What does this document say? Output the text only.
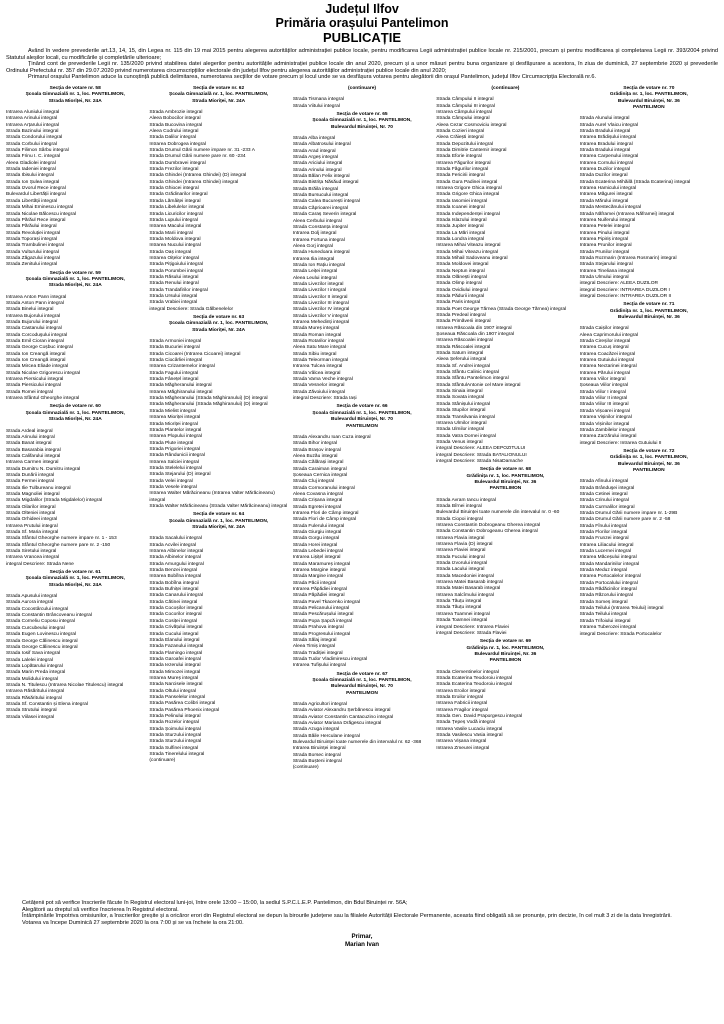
Județul Ilfov
Primăria orașului Pantelimon
PUBLICAȚIE

Având în vedere prevederile art.13, 14, 15, din Legea nr. 115 din 19 mai 2015 pentru alegerea autorităților administrației publice locale, pentru modificarea Legii administrației publice locale nr. 215/2001, precum și pentru modificarea și completarea Legii nr. 393/2004 privind Statutul aleșilor locali, cu modificările și completările ulterioare;

Ținând cont de prevederile Legii nr. 135/2020 privind stabilirea datei alegerilor pentru autoritățile administrației publice locale din anul 2020, precum și a unor măsuri pentru buna organizare și desfășurare a acestora, în ziua de duminică, 27 septembrie 2020 și prevederile Ordinului Prefectului nr. 357 din 29.07.2020 privind numerotarea circumscripțiilor electorale din județul Ilfov pentru alegerea autorităților administrației publice locale din anul 2020;

Primarul orașului Pantelimon aduce la cunoștință publică delimitarea, numerotarea secțiilor de votare precum și locul unde se va desfășura votarea pentru alegătorii din orașul Pantelimon, județul Ilfov Circumscripția Electorală nr.6.

Secția de votare nr. 58
Școala Gimnazială nr. 1, loc. PANTELIMON,
Strada Mioriței, Nr. 24A
Intrarea Aluniului integral
Intrarea Arinului integral
Intrarea Arțarului integral
Strada Bazinului integral
Strada Condorului integral
Strada Corbului integral
Strada Filimon Sârbu integral
Strada Frinu I. C. integral
Aleea Gladiolei integral
Strada Iadeniei integral
Strada Ibisului integral
Strada Ion Șulea integral
Strada Izvorul Rece integral
Bulevardul Libertății integral
Strada Libertății integral
Strada Mihai Eminescu integral
Strada Nicolae Bălcescu integral
Strada Părăul Rece integral
Strada Părăului integral
Strada Revoluției integral
Strada Toporași integral
Strada Trambulinei integral
Strada Vulturului integral
Strada Zăgazului integral
Strada Zenitului integral
Secția de votare nr. 59
Școala Gimnazială nr. 1, loc. PANTELIMON,
Strada Mioriței, Nr. 24A
Intrarea Anton Pann integral
Strada Anton Pann integral
Strada Binelui integral
Intrarea Bujorului integral
Strada Bujorului integral
Strada Castanului integral
Strada Corcoduşului integral
Strada Emil Cioran integral
Strada George Coșbuc integral
Strada Ion Creangă integral
Strada Ion Creangă integral
Strada Mircea Eliade integral
Strada Nicolae Grigorescu integral
Intrarea Piersicului integral
Strada Piersicului integral
Strada Romei integral
Intrarea Sfântul Gheorghe integral
Secția de votare nr. 60
Școala Gimnazială nr. 1, loc. PANTELIMON,
Strada Mioriței, Nr. 24A
Strada Ardeal integral
Strada Arinului integral
Strada Banat integral
Strada Basarabia integral
Strada Califarului integral
Intrarea Carmen integral
Strada Dumitru N. Dumitru integral
Strada Dunării integral
Strada Fermei integral
Strada Ilie Tulbureanu integral
Strada Magnoliei integral
Strada Migdalilor (Strada Migdalelor) integral
Strada Oilarilor integral
Strada Olteniei integral
Strada Orhideei integral
Intrarea Prutului integral
Strada Sf. Maria integral
Strada Sfântul Gheorghe numere impare nr. 1 - 153
Strada Sfântul Gheorghe numere pare nr. 2 -150
Strada Siretului integral
Intrarea Vrancea integral
integral Descriere: Strada Nene
Secția de votare nr. 61
Școala Gimnazială nr. 1, loc. PANTELIMON,
Strada Mioriței, Nr. 24A
Strada Apusului integral
Strada Aurora integral
Strada Cocostârcului integral
Strada Constantin Brâncoveanu integral
Strada Corneliu Coposu integral
Strada Curcubeului integral
Strada Eugen Lovinescu integral
Strada George Călinescu integral
Strada George Călinescu integral
Strada Iosif Sava integral
Strada Lalelei integral
Strada Lopătarului integral
Strada Marin Preda integral
Strada Molidului integral
Strada N. Titulescu (Intrarea Nicolae Titulescu) integral
Intrarea Răsăritului integral
Strada Răsăritului integral
Strada Sf. Constantin și Elena integral
Strada Strutului integral
Strada Viilasei integral
Secția de votare nr. 62
Școala Gimnazială nr. 1, loc. PANTELIMON,
Strada Mioriței, Nr. 24A
Strada Ambrozie integral
Aleea Bobocilor integral
Strada Bucovina integral
Aleea Codrului integral
Strada Dalilor integral
Intrarea Dobrogea integral
Strada Drumul Gării numere impare nr. 31 -233 A
Strada Drumul Gării numere pare nr. 60 -234
Strada Dumbravei integral
Strada Frezilor integral
Strada Ghindei (Intrarea Ghindei) (D) integral
Strada Ghindei (Intrarea Ghindei) integral
Strada Ghiocei integral
Strada Grădinarilor integral
Strada Lămâiței integral
Strada Libelulelor integral
Strada Licuricilor integral
Strada Lupului integral
Intrarea Macului integral
Strada Marii integral
Strada Moldova integral
Intrarea Nucului integral
Strada Oaș integral
Intrarea Oițelor integral
Strada Pițigoiului integral
Strada Porumbei integral
Strada Răsului integral
Strada Renului integral
Strada Trandafirilor integral
Strada Ursului integral
Strada Vrabiei integral
integral Descriere: Strada Gălbenelelor
Secția de votare nr. 63
Școala Gimnazială nr. 1, loc. PANTELIMON,
Strada Mioriței, Nr. 24A
Strada Armoniei integral
Strada Bucuriei integral
Strada Cicoarei (Intrarea Cicoarei) integral
Strada Ciocârliei integral
Intrarea Crizantemelor integral
Strada Fagului integral
Strada Fânețel integral
Strada Măgheranului integral
Intrarea Măghiranului integral
Strada Măgheranului (Strada Măghiranului) (D) integral
Strada Măgheranului (Strada Măghiranului) (D) integral
Strada Mielist integral
Intrarea Mioriței integral
Strada Mioriței integral
Strada Plantelor integral
Intrarea Plopului integral
Strada Plute integral
Strada Prigoriei integral
Strada Rândunicii integral
Intrarea Salciei integral
Strada Stelelelui integral
Strada Stejarului (D) integral
Strada Velei integral
Strada Vesele integral
Intrarea Walter Mărăcineanu (Intrarea Valter Mărăcineanu) integral
Strada Walter Mărăcineanu (Strada Valter Mărăcineanu) integral
Secția de votare nr. 64
Școala Gimnazială nr. 1, loc. PANTELIMON,
Strada Mioriței, Nr. 24A
Strada Sacalului integral
Strada Acvilei integral
Intrarea Albinelor integral
Strada Albinelor integral
Strada Amurgului integral
Strada Benzei integral
Intrarea Bobîlna integral
Strada Bobîlna integral
Strada Bufniței integral
Strada Canarului integral
Strada Cătinei integral
Strada Cocoșilor integral
Strada Cocorilor integral
Strada Cosiței integral
Strada Crivățului integral
Strada Cucului integral
Strada Elanului integral
Strada Fazanului integral
Strada Flamingo integral
Strada Garoafei integral
Strada Iezerului integral
Strada Mimozei integral
Intrarea Mureș integral
Strada Narcisele integral
Strada Oltului integral
Strada Panselelor integral
Strada Pasărea Colibri integral
Strada Pasărea Phoenix integral
Strada Pelinului integral
Strada Rozelor integral
Strada Șoimului integral
Strada Sturzului integral
Strada Sturzului integral
Strada Sulfinei integral
Strada Tinerelului integral
(continuare)
(continuare)
Strada Tismana integral
Strada Viitului integral
Secția de votare nr. 65
Școala Gimnazială nr. 1, loc. PANTELIMON,
Bulevardul Biruinței, Nr. 70
Strada Alba integral
Strada Albatrosului integral
Strada Arad integral
Strada Argeș integral
Strada Ariciului integral
Strada Arinului integral
Strada Bălan Felix integral
Strada Bistrița Năsăud integral
Strada Brăila integral
Strada Bursucului integral
Strada Calea București integral
Strada Căprioarei integral
Strada Caraș Severin integral
Aleea Cerbului integral
Strada Constanța integral
Intrarea Dolj integral
Intrarea Fortuna integral
Aleea Gorj integral
Strada Hunedoara integral
Intrarea Ilia integral
Strada Ion Rațiu integral
Strada Leiței integral
Aleea Leului integral
Strada Livezilor integral
Strada Livezilor I integral
Strada Livezilor II integral
Strada Livezilor III integral
Strada Livezilor IV integral
Strada Livezilor V integral
Intrarea Mehedinți integral
Strada Mureș integral
Strada Roman integral
Strada Rotarilor integral
Aleea Satu Mare integral
Strada Sibiu integral
Strada Teleorman integral
Intrarea Tulcea integral
Strada Vâlcea integral
Strada Vama Veche integral
Strada Vesnelor integral
Strada Zăvoiului integral
integral Descriere: Strada Iași
Secția de votare nr. 66
Școala Gimnazială nr. 1, loc. PANTELIMON,
Bulevardul Biruinței, Nr. 70
PANTELIMON
Strada Alexandru Ioan Cuza integral
Strada Bihor integral
Strada Brașov integral
Aleea Buzău integral
Strada Călărași integral
Strada Caraiman integral
Șoseaua Cernica integral
Strada Cluj integral
Strada Cormoranului integral
Aleea Covasna integral
Strada Crișana integral
Strada Egretei integral
Intrarea Flori de Câmp integral
Strada Flori de Câmp integral
Strada Fulerului integral
Strada Giurgiu integral
Strada Gorgu integral
Strada Horei integral
Strada Lebedei integral
Intrarea Lișițel integral
Strada Maramureș integral
Intrarea Margine integral
Strada Margine integral
Strada Păcii integral
Intrarea Păpădiei integral
Strada Păpădiei integral
Strada Pavel Tkacenko integral
Strada Pelicanului integral
Strada Pescărușului integral
Strada Popa Șapcă integral
Strada Prahova integral
Strada Progresului integral
Strada Sălaj integral
Aleea Timiș integral
Strada Tradiției integral
Strada Tudor Vladimirescu integral
Intrarea Tufișului integral
Secția de votare nr. 67
Școala Gimnazială nr. 1, loc. PANTELIMON,
Bulevardul Biruinței, Nr. 70
PANTELIMON
Strada Agricultori integral
Strada Aviator Alexandru Șerbănescu integral
Strada Aviator Constantin Cantacuzino integral
Strada Aviator Mariana Drăgescu integral
Strada Azuga integral
Strada Băile Herculane integral
Bulevardul Biruinței toate numerele din intervalul nr. 62 -368
Intrarea Biruinței integral
Strada Borsec integral
Strada Bușteni integral
(continuare)
(continuare)
Strada Câmpului II integral
Strada Câmpului III integral
Intrarea Câmpului integral
Strada Câmpului integral
Aleea Cezar Cosmoviciu integral
Strada Cozieri integral
Aleea Crăiești integral
Strada Depozitului integral
Strada Dimitrie Cantemir integral
Strada Eforie integral
Intrarea Făgurilor integral
Strada Făgurilor integral
Strada Fericirii integral
Strada Gura Padinei integral
Intrarea Grigore Ghica integral
Strada Grigore Ghica integral
Strada Iasomiei integral
Strada Icoanei integral
Strada Independenței integral
Strada Islazului integral
Strada Jupiter integral
Strada La Mări integral
Strada Londra integral
Intrarea Mihai Viteazu integral
Strada Mihai Viteazu integral
Strada Mihail Sadoveanu integral
Strada Moldovei integral
Strada Neptun integral
Strada Olănești integral
Strada Olimp integral
Strada Ovidiului integral
Strada Pădurii integral
Strada Paris integral
Strada Poet George Tărnea (Strada George Tărnea) integral
Strada Predeal integral
Strada Primăverii integral
Intrarea Răscoala din 1907 integral
Șoseaua Răscoala din 1907 integral
Intrarea Răscoalei integral
Strada Răscoalei integral
Strada Saturn integral
Aleea Șeferului integral
Strada Sf. Andrei integral
Strada Sfântu Calinic integral
Strada Sfântu Pantelimon integral
Strada SfântulAntonie cel Mare integral
Strada Sinaia integral
Strada Sovata integral
Strada Stânișului integral
Strada Stupilor integral
Strada Transilvania integral
Intrarea Ulmilor integral
Strada Ulmilor integral
Strada Vatra Dornei integral
Strada Venus integral
integral Descriere: ALEEA DEPOZITULUI
integral Descriere: Strada BATALIONULUI
integral Descriere: Strada NisaDamache
Secția de votare nr. 68
Grădinița nr. 1, loc. PANTELIMON,
Bulevardul Biruinței, Nr. 36
PANTELIMON
Strada Avram Iancu integral
Strada Bîrnei integral
Bulevardul Biruinței toate numerele din intervalul nr. 0 -60
Strada Ciopoi integral
Intrarea Constantin Dobrogeanu Gherea integral
Strada Constantin Dobrogeanu Gherea integral
Intrarea Flavia integral
Intrarea Flavia (D) integral
Intrarea Flaviei integral
Strada Fucului integral
Strada Izvorului integral
Strada Lacului integral
Strada Macedoniei integral
Intrarea Matei Basarab integral
Strada Matei Basarab integral
Intrarea Salcîmului integral
Strada Tăuțu integral
Strada Tăuțu integral
Intrarea Toamnei integral
Strada Toamnei integral
integral Descriere: Intrarea Flaviei
integral Descriere: Strada Flaviei
Secția de votare nr. 69
Grădinița nr. 1, loc. PANTELIMON,
Bulevardul Biruinței, Nr. 36
PANTELIMON
Strada Clementinelor integral
Strada Ecaterina Teodoroiu integral
Strada Ecaterina Teodoroiu integral
Intrarea Eroilor integral
Strada Eroilor integral
Intrarea Fabricii integral
Intrarea Fragilor integral
Strada Gen. David Praporgescu integral
Strada Țepeș Vodă integral
Intrarea Vasile Lucaciu integral
Strada Vasilescu Vasia integral
Intrarea Vișana integral
Intrarea Zmeurei integral
Secția de votare nr. 70
Grădinița nr. 1, loc. PANTELIMON,
Bulevardul Biruinței, Nr. 36
PANTELIMON
Strada Alunului integral
Strada Aurel Vlaicu integral
Strada Bradului integral
Intrarea Brădișului integral
Intrarea Bradului integral
Strada Bradului integral
Intrarea Carpenului integral
Intrarea Cornului integral
Intrarea Duzilor integral
Strada Duzilor integral
Strada Ecaterina Mihăilă (Strada Ecaterina) integral
Intrarea Hamicului integral
Intrarea Măgurei integral
Strada Mărului integral
Strada Mestecănului integral
Strada Năframei (Intrarea Năframei) integral
Intrarea Nuiferului integral
Intrarea Petelei integral
Intrarea Pinului integral
Intrarea Pipiriș integral
Intrarea Prunilor integral
Strada Prunilor integral
Strada Rozmarin (Intrarea Rosmarin) integral
Strada Stejarului integral
Intrarea Tineliana integral
Strada Ulmului integral
integral Descriere: ALEEA DUZILOR
integral Descriere: INTRAREA DUZILOR I
integral Descriere: INTRAREA DUZILOR II
Secția de votare nr. 71
Grădinița nr. 1, loc. PANTELIMON,
Bulevardul Biruinței, Nr. 36
Strada Caișilor integral
Aleea Caprimorului integral
Strada Cireșilor integral
Intrarea Cucuș integral
Intrarea Coacăzei integral
Intrarea Gutuiului integral
Intrarea Nectarinei integral
Intrarea Părului integral
Intrarea Viilor integral
Șoseaua Viilor integral
Strada Viilor I integral
Strada Viilor II integral
Strada Viilor III integral
Strada Vișoarei integral
Intrarea Vișinilor integral
Strada Vișinilor integral
Strada Zambilelor integral
Intrarea Zarzărului integral
integral Descriere: Intrarea Gutuiului II
Secția de votare nr. 72
Grădinița nr. 1, loc. PANTELIMON,
Bulevardul Biruinței, Nr. 36
PANTELIMON
Strada Afinului integral
Strada Brânduşei integral
Strada Cetinei integral
Strada Crinului integral
Strada Curmalilor integral
Strada Drumul Gării numere impare nr. 1-29B
Strada Drumul Gării numere pare nr. 2 -58
Strada Fînului integral
Strada Florilor integral
Strada Frunzei integral
Intrarea Liliacului integral
Strada Lucernei integral
Intrarea Măceșului integral
Strada Mandarinilor integral
Strada Meduz integral
Intrarea Portocalelor integral
Strada Portocalului integral
Strada Rădăcinilor integral
Strada Răzorului integral
Strada Someș integral
Strada Teilului (Intrarea Teiului) integral
Strada Teilului integral
Strada Trifoiului integral
Intrarea Tuberozei integral
integral Descriere: Strada Portocalelor

Cetățenii pot să verifice înscrierile făcute în Registrul electoral luni-joi, între orele 13:00 – 15:00, la sediul S.P.C.L.E.P. Pantelimon, din Bdul Biruinței nr. 56A;

Alegătorii au dreptul să verifice înscrierea în Registrul electoral.

Întâmpinările împotriva omisiunilor, a înscrierilor greșite și a oricăror erori din Registrul electoral se depun la birourile județene sau la filialele Autorității Electorale Permanente, aceasta fiind obligată să se pronunțe, prin decizie, în cel mult 3 zi de la data înregistrării.

Votarea va începe Duminică 27 septembrie 2020 la ora 7:00 și se va încheie la ora 21:00.

Primar,
Marian Ivan
